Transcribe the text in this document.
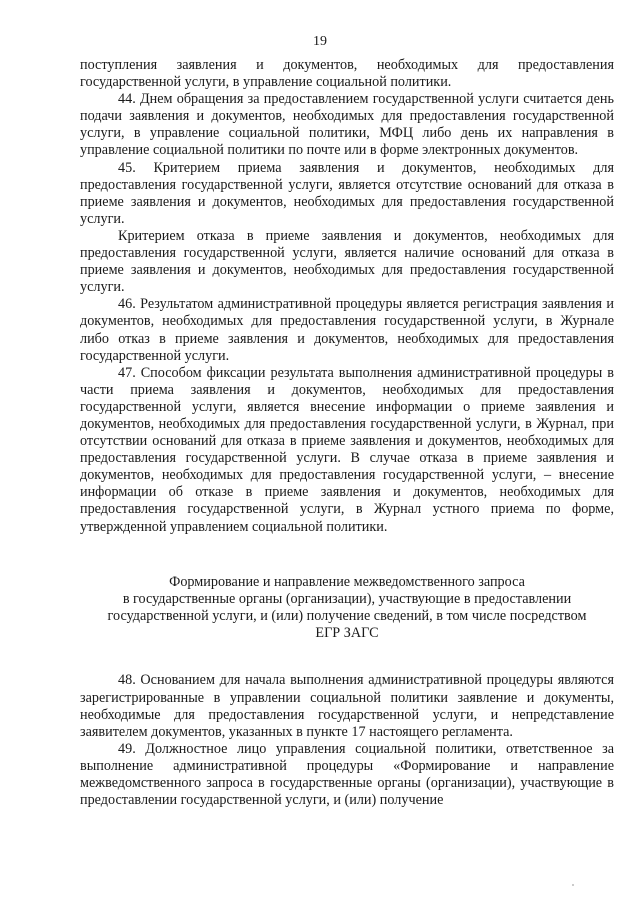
19

поступления заявления и документов, необходимых для предоставления государственной услуги, в управление социальной политики.

44. Днем обращения за предоставлением государственной услуги считается день подачи заявления и документов, необходимых для предоставления государственной услуги, в управление социальной политики, МФЦ либо день их направления в управление социальной политики по почте или в форме электронных документов.

45. Критерием приема заявления и документов, необходимых для предоставления государственной услуги, является отсутствие оснований для отказа в приеме заявления и документов, необходимых для предоставления государственной услуги.

Критерием отказа в приеме заявления и документов, необходимых для предоставления государственной услуги, является наличие оснований для отказа в приеме заявления и документов, необходимых для предоставления государственной услуги.

46. Результатом административной процедуры является регистрация заявления и документов, необходимых для предоставления государственной услуги, в Журнале либо отказ в приеме заявления и документов, необходимых для предоставления государственной услуги.

47. Способом фиксации результата выполнения административной процедуры в части приема заявления и документов, необходимых для предоставления государственной услуги, является внесение информации о приеме заявления и документов, необходимых для предоставления государственной услуги, в Журнал, при отсутствии оснований для отказа в приеме заявления и документов, необходимых для предоставления государственной услуги. В случае отказа в приеме заявления и документов, необходимых для предоставления государственной услуги, – внесение информации об отказе в приеме заявления и документов, необходимых для предоставления государственной услуги, в Журнал устного приема по форме, утвержденной управлением социальной политики.

Формирование и направление межведомственного запроса
в государственные органы (организации), участвующие в предоставлении
государственной услуги, и (или) получение сведений, в том числе посредством
ЕГР ЗАГС

48. Основанием для начала выполнения административной процедуры являются зарегистрированные в управлении социальной политики заявление и документы, необходимые для предоставления государственной услуги, и непредставление заявителем документов, указанных в пункте 17 настоящего регламента.

49. Должностное лицо управления социальной политики, ответственное за выполнение административной процедуры «Формирование и направление межведомственного запроса в государственные органы (организации), участвующие в предоставлении государственной услуги, и (или) получение
